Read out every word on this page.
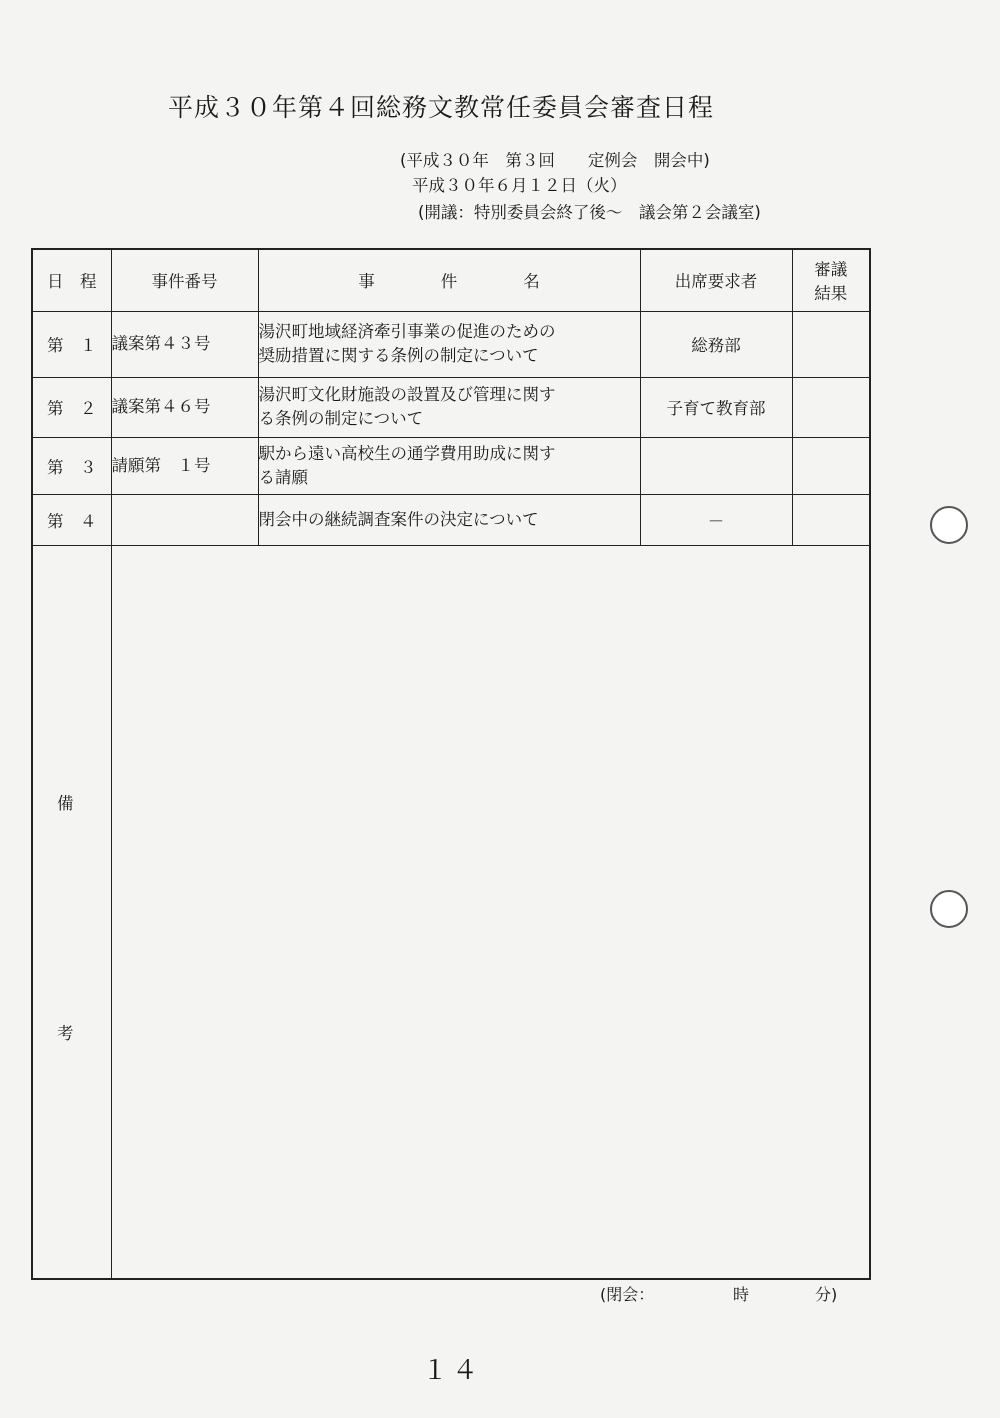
平成３０年第４回総務文教常任委員会審査日程
(平成３０年　第３回　　定例会　開会中)
平成３０年６月１２日（火）
(開議：特別委員会終了後～　議会第２会議室)
日　程	事件番号	事　　　　件　　　　名	出席要求者	審議
結果

第　１	議案第４３号	湯沢町地域経済牽引事業の促進のための
奨励措置に関する条例の制定について	総務部	
第　２	議案第４６号	湯沢町文化財施設の設置及び管理に関す
る条例の制定について	子育て教育部	
第　３	請願第　１号	駅から遠い高校生の通学費用助成に関す
る請願		

第　４		閉会中の継続調査案件の決定について	－	

備
考				

(閉会：	時	分)
１４
